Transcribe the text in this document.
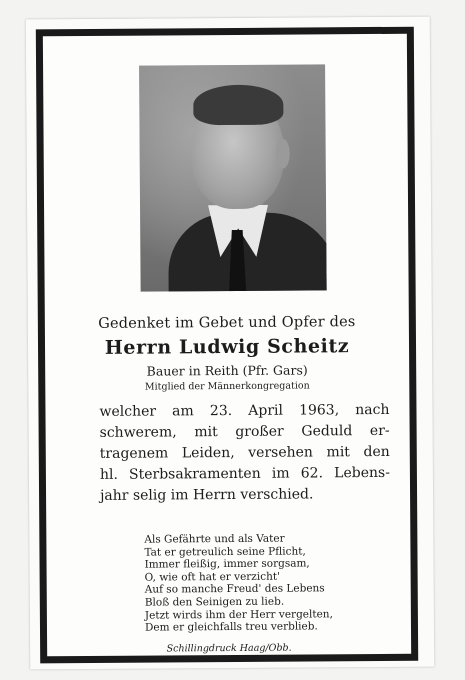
Gedenket im Gebet und Opfer des
Herrn Ludwig Scheitz
Bauer in Reith (Pfr. Gars)
Mitglied der Männerkongregation
welcher am 23. April 1963, nach
schwerem, mit großer Geduld er-
tragenem Leiden, versehen mit den
hl. Sterbsakramenten im 62. Lebens-
jahr selig im Herrn verschied.
Als Gefährte und als Vater
Tat er getreulich seine Pflicht,
Immer fleißig, immer sorgsam,
O, wie oft hat er verzicht'
Auf so manche Freud' des Lebens
Bloß den Seinigen zu lieb.
Jetzt wirds ihm der Herr vergelten,
Dem er gleichfalls treu verblieb.
Schillingdruck Haag/Obb.
